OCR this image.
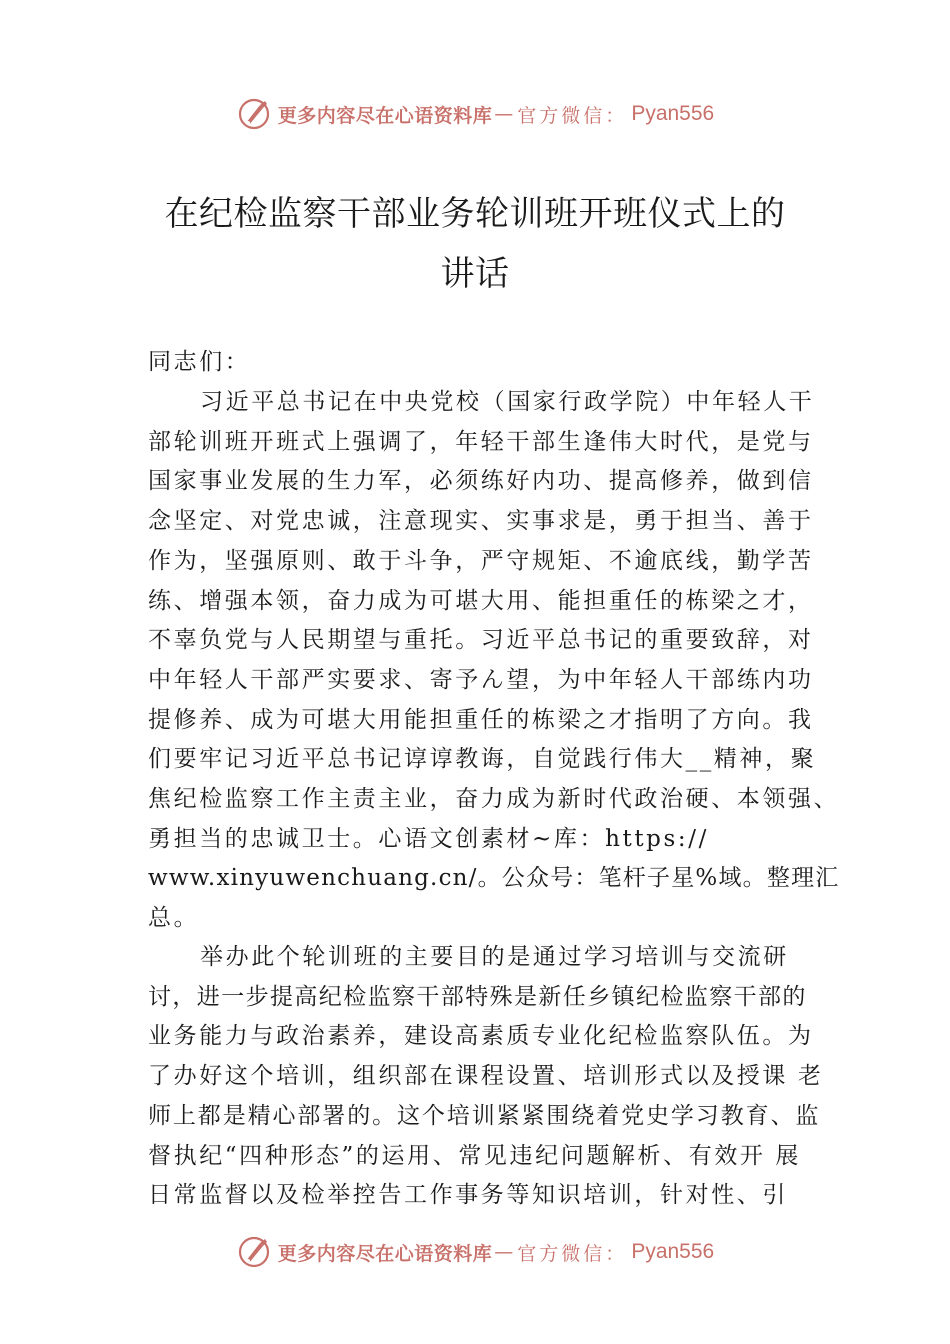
更多内容尽在心语资料库 — 官方微信： Pyan556
在纪检监察干部业务轮训班开班仪式上的
讲话

同志们：

习近平总书记在中央党校（国家行政学院）中年轻人干
部轮训班开班式上强调了，年轻干部生逢伟大时代，是党与
国家事业发展的生力军，必须练好内功、提高修养，做到信
念坚定、对党忠诚，注意现实、实事求是，勇于担当、善于
作为，坚强原则、敢于斗争，严守规矩、不逾底线，勤学苦
练、增强本领，奋力成为可堪大用、能担重任的栋梁之才，
不辜负党与人民期望与重托。习近平总书记的重要致辞，对
中年轻人干部严实要求、寄予ん望，为中年轻人干部练内功
提修养、成为可堪大用能担重任的栋梁之才指明了方向。我
们要牢记习近平总书记谆谆教诲，自觉践行伟大__精神，聚
焦纪检监察工作主责主业，奋力成为新时代政治硬、本领强、
勇担当的忠诚卫士。心语文创素材~库：https://
www.xinyuwenchuang.cn/。公众号：笔杆子星%域。整理汇
总。
举办此个轮训班的主要目的是通过学习培训与交流研
讨，进一步提高纪检监察干部特殊是新任乡镇纪检监察干部的
业务能力与政治素养，建设高素质专业化纪检监察队伍。为
了办好这个培训，组织部在课程设置、培训形式以及授课 老
师上都是精心部署的。这个培训紧紧围绕着党史学习教育、监
督执纪“四种形态”的运用、常见违纪问题解析、有效开 展
日常监督以及检举控告工作事务等知识培训，针对性、引
更多内容尽在心语资料库 — 官方微信： Pyan556
